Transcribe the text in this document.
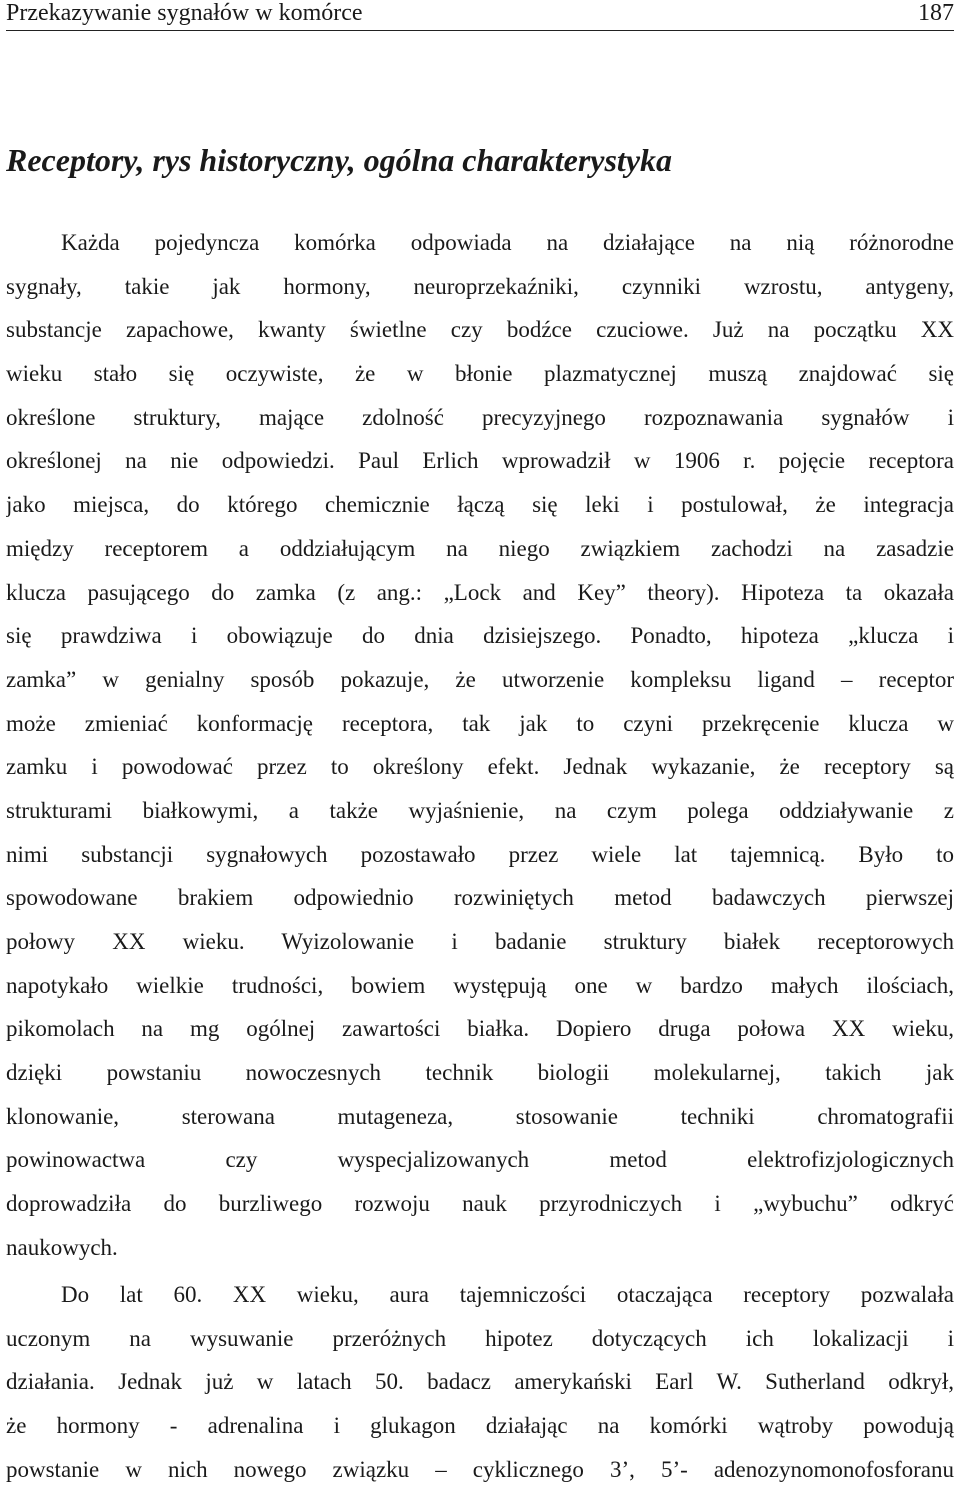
Przekazywanie sygnałów w komórce	187
Receptory, rys historyczny, ogólna charakterystyka
Każda pojedyncza komórka odpowiada na działające na nią różnorodne
sygnały, takie jak hormony, neuroprzekaźniki, czynniki wzrostu, antygeny,
substancje zapachowe, kwanty świetlne czy bodźce czuciowe. Już na początku XX
wieku stało się oczywiste, że w błonie plazmatycznej muszą znajdować się
określone struktury, mające zdolność precyzyjnego rozpoznawania sygnałów i
określonej na nie odpowiedzi. Paul Erlich wprowadził w 1906 r. pojęcie receptora
jako miejsca, do którego chemicznie łączą się leki i postulował, że integracja
między receptorem a oddziałującym na niego związkiem zachodzi na zasadzie
klucza pasującego do zamka (z ang.: „Lock and Key” theory). Hipoteza ta okazała
się prawdziwa i obowiązuje do dnia dzisiejszego. Ponadto, hipoteza „klucza i
zamka” w genialny sposób pokazuje, że utworzenie kompleksu ligand – receptor
może zmieniać konformację receptora, tak jak to czyni przekręcenie klucza w
zamku i powodować przez to określony efekt. Jednak wykazanie, że receptory są
strukturami białkowymi, a także wyjaśnienie, na czym polega oddziaływanie z
nimi substancji sygnałowych pozostawało przez wiele lat tajemnicą. Było to
spowodowane brakiem odpowiednio rozwiniętych metod badawczych pierwszej
połowy XX wieku. Wyizolowanie i badanie struktury białek receptorowych
napotykało wielkie trudności, bowiem występują one w bardzo małych ilościach,
pikomolach na mg ogólnej zawartości białka. Dopiero druga połowa XX wieku,
dzięki powstaniu nowoczesnych technik biologii molekularnej, takich jak
klonowanie, sterowana mutageneza, stosowanie techniki chromatografii
powinowactwa czy wyspecjalizowanych metod elektrofizjologicznych
doprowadziła do burzliwego rozwoju nauk przyrodniczych i „wybuchu” odkryć
naukowych.
Do lat 60. XX wieku, aura tajemniczości otaczająca receptory pozwalała
uczonym na wysuwanie przeróżnych hipotez dotyczących ich lokalizacji i
działania. Jednak już w latach 50. badacz amerykański Earl W. Sutherland odkrył,
że hormony - adrenalina i glukagon działając na komórki wątroby powodują
powstanie w nich nowego związku – cyklicznego 3’, 5’- adenozynomonofosforanu
